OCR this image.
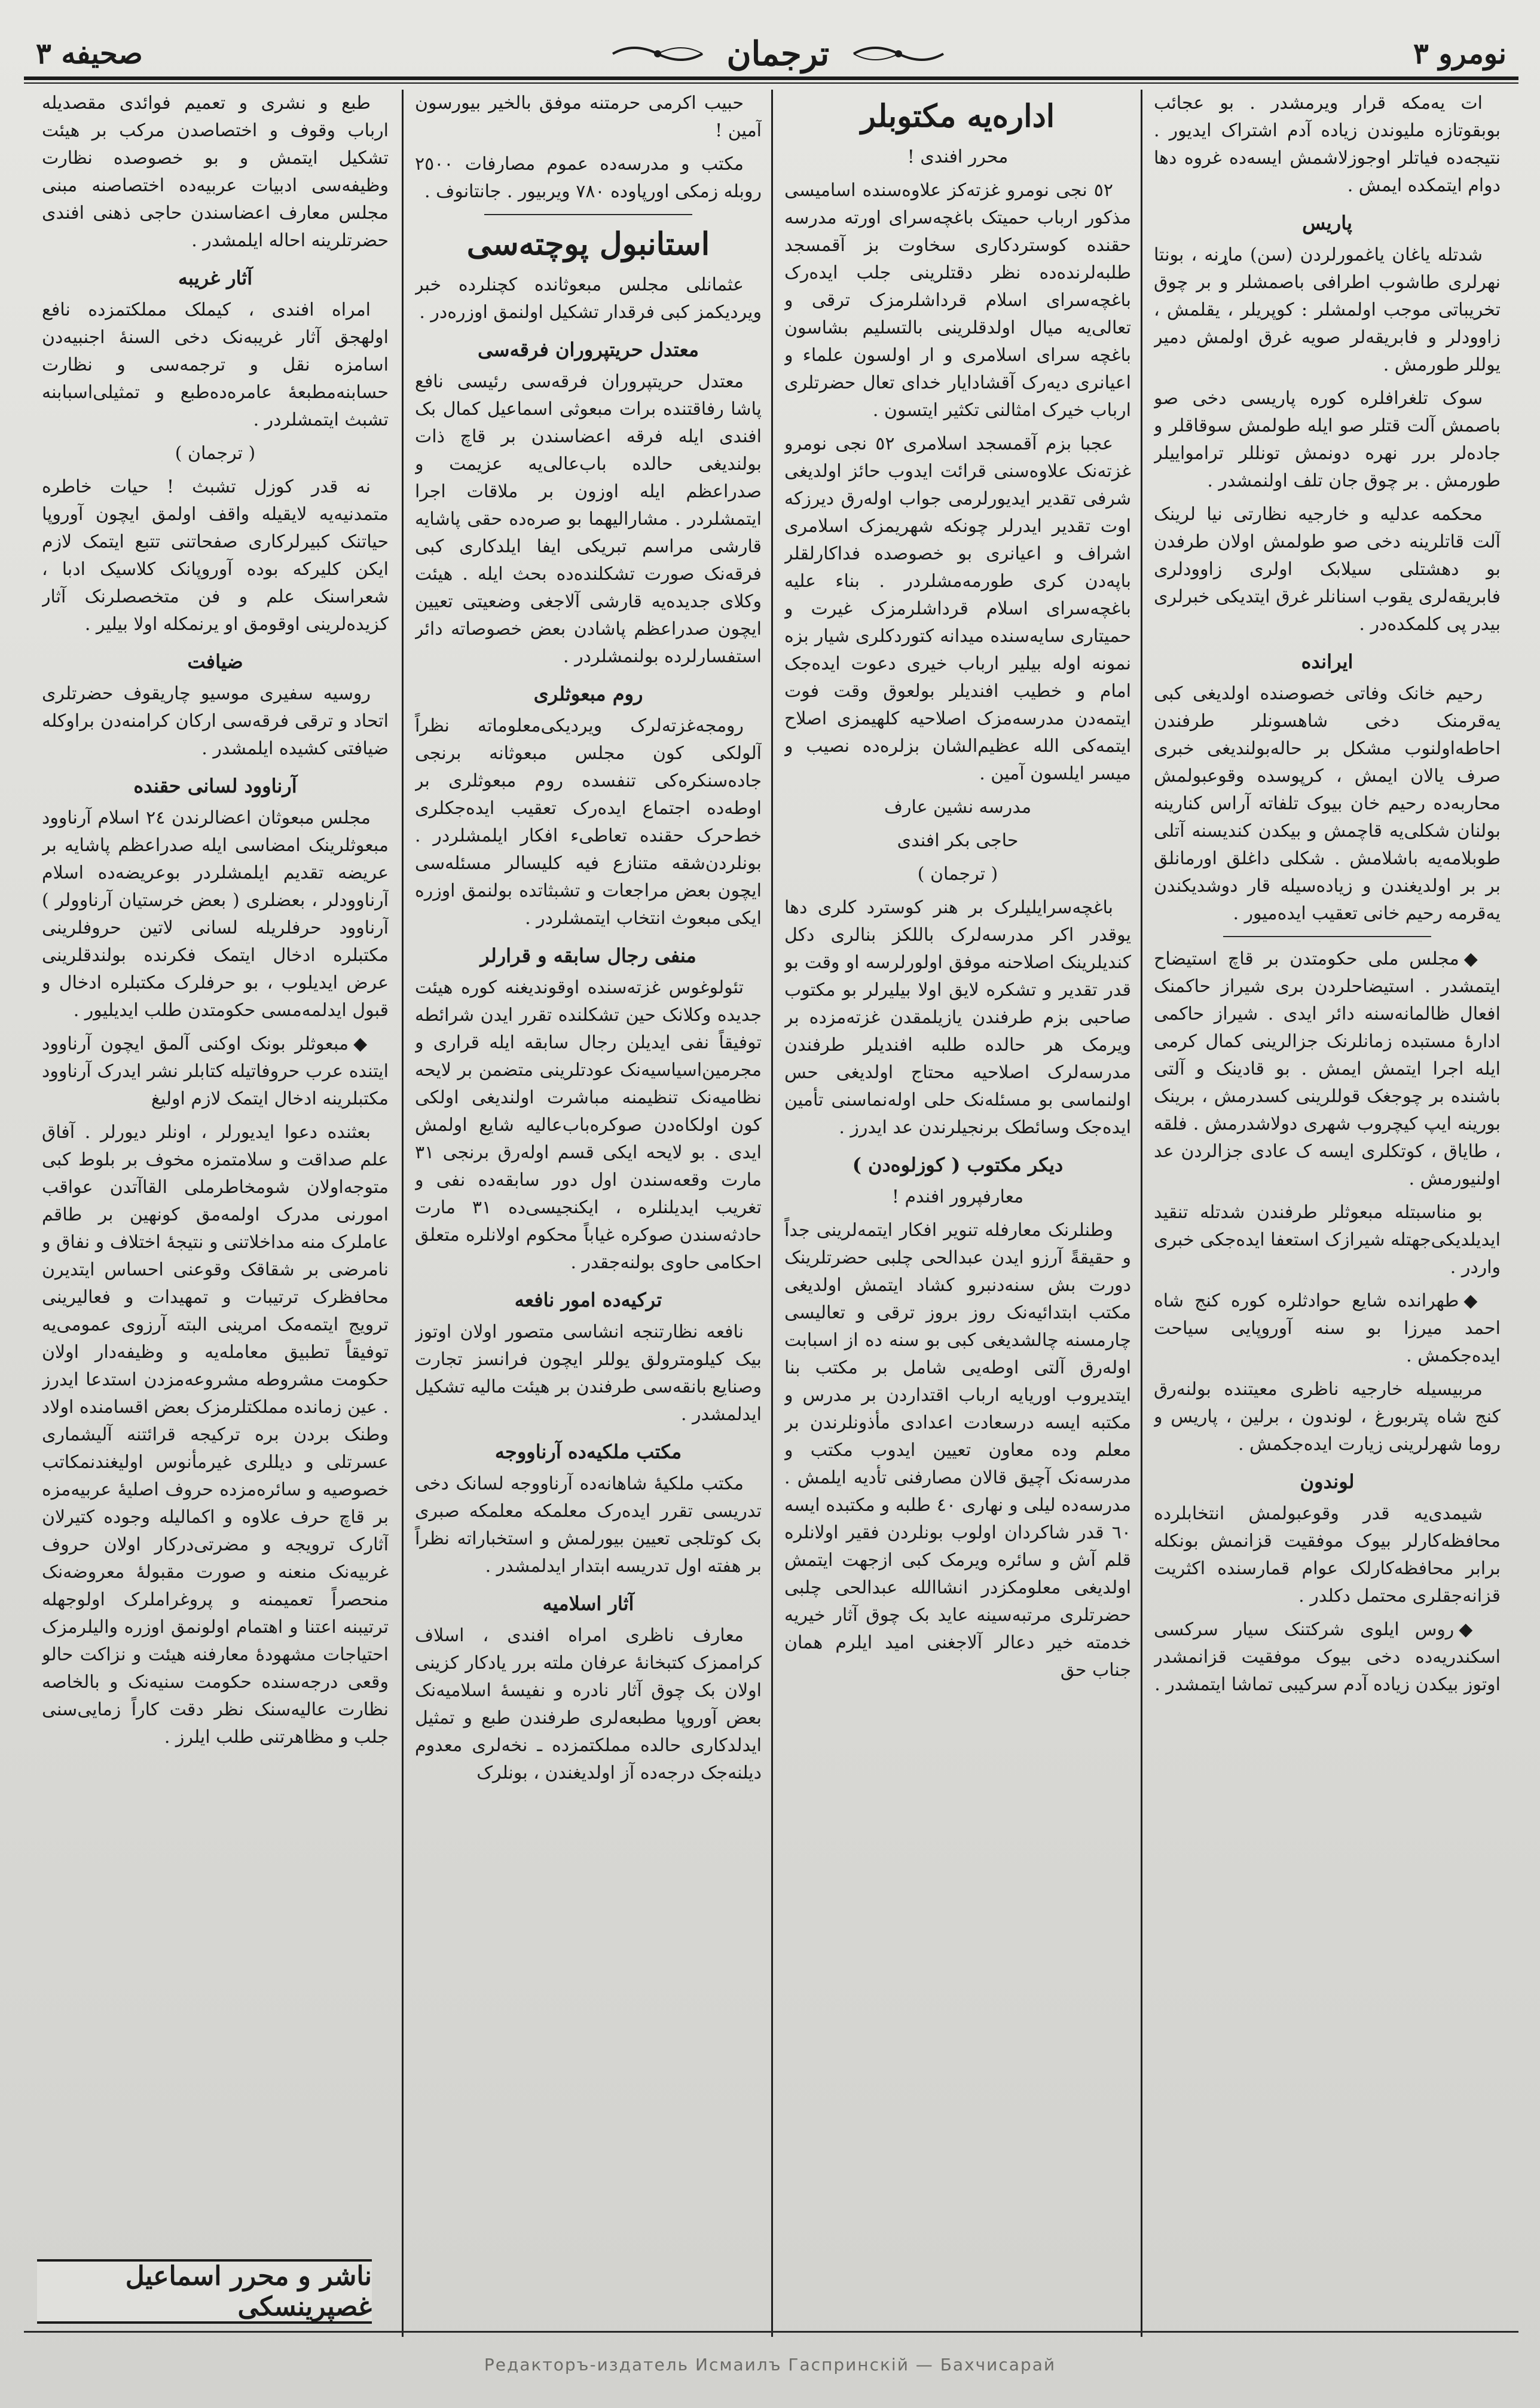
نومرو ٣
ترجمان
صحیفه ٣

ات یه‌مکه قرار ویرمشدر . بو عجائب بوبقوتازه ملیوندن زیاده آدم اشتراک ایدیور . نتیجه‌ده فیاتلر اوجوزلاشمش ایسه‌ده غروه دها دوام ایتمکده ایمش .

پاریس

شدتله یاغان یاغمورلردن (سن) ماړنه ، بونتا نهرلری طاشوب اطرافی باصمشلر و بر چوق تخریباتی موجب اولمشلر : کوپریلر ، یقلمش ، زاوودلر و فابریقه‌لر صویه غرق اولمش دمیر یوللر طورمش .

سوک تلغرافلره کوره پاریسی دخی صو باصمش آلت قتلر صو ایله طولمش سوقاقلر و جاده‌لر برر نهره دونمش تونللر ترامواییلر طورمش . بر چوق جان تلف اولنمشدر .

محکمه عدلیه و خارجیه نظارتی نیا لرینک آلت قاتلرینه دخی صو طولمش اولان طرفدن بو دهشتلی سیلابک اولری زاوودلری فابریقه‌لری یقوب اسنانلر غرق ایتدیکی خبرلری بیدر پی کلمکده‌در .

ایرانده

رحیم خانک وفاتی خصوصنده اولدیغی کبی یه‌قرمنک دخی شاهسونلر طرفندن احاطه‌اولنوب مشکل بر حاله‌بولندیغی خبری صرف یالان ایمش ، کرپوسده وقوعبولمش محاربه‌ده رحیم خان بیوک تلفاته آراس کنارینه بولنان شکلی‌یه قاچمش و بیکدن کندیسنه آتلی طوبلامه‌یه باشلامش . شکلی داغلق اورمانلق بر بر اولدیغندن و زیاده‌سیله قار دوشدیکندن یه‌قرمه رحیم خانی تعقیب ایده‌میور .

◆مجلس ملی حکومتدن بر قاچ استیضاح ایتمشدر . استیضاحلردن بری شیراز حاکمنک افعال ظالمانه‌سنه دائر ایدی . شیراز حاکمی ادارهٔ مستبده زمانلرنک جزالرینی کمال کرمی ایله اجرا ایتمش ایمش . بو قادینک و آلتی باشنده بر چوجغک قوللرینی کسدرمش ، برینک بورینه ایپ کیچروب شهری دولاشدرمش . فلقه ، طایاق ، کوتکلری ایسه ک عادی جزالردن عد اولنیورمش .

بو مناسبتله مبعوثلر طرفندن شدتله تنقید ایدیلدیکی‌جهتله شیرازک استعفا ایده‌جکی خبری واردر .

◆طهرانده شایع حوادثلره کوره کنج شاه احمد میرزا بو سنه آوروپایی سیاحت ایده‌جکمش .

مربیسیله خارجیه ناظری معیتنده بولنه‌رق کنج شاه پتربورغ ، لوندون ، برلین ، پاریس و روما شهرلرینی زیارت ایده‌جکمش .

لوندون

شیمدی‌یه قدر وقوعبولمش انتخابلرده محافظه‌کارلر بیوک موفقیت قزانمش بونکله برابر محافظه‌کارلک عوام قمارسنده اکثریت قزانه‌جقلری محتمل دکلدر .

◆روس ایلوی شرکتنک سیار سرکسی اسکندریه‌ده دخی بیوک موفقیت قزانمشدر اوتوز بیکدن زیاده آدم سرکیبی تماشا ایتمشدر .

اداره‌یه مکتوبلر
محرر افندی !

٥٢ نجی نومرو غزته‌کز علاوه‌سنده اسامیسی مذکور ارباب حمیتک باغچه‌سرای اورته مدرسه حقنده کوستردکاری سخاوت بز آقمسجد طلبه‌لرنده‌ده نظر دقتلرینی جلب ایده‌رک باغچه‌سرای اسلام قرداشلرمزک ترقی و تعالی‌یه میال اولدقلرینی بالتسلیم بشاسون باغچه سرای اسلامری و ار اولسون علماء و اعیانری دیه‌رک آقشادایار خدای تعال حضرتلری ارباب خیرک امثالنی تکثیر ایتسون .

عجبا بزم آقمسجد اسلامری ٥٢ نجی نومرو غزته‌نک علاوه‌سنی قرائت ایدوب حائز اولدیغی شرفی تقدیر ایدیورلرمی جواب اوله‌رق دیرزکه اوت تقدیر ایدرلر چونکه شهریمزک اسلامری اشراف و اعیانری بو خصوصده فداکارلقلر باپه‌دن کری طورمه‌مشلردر . بناء علیه باغچه‌سرای اسلام قرداشلرمزک غیرت و حمیتاری سایه‌سنده میدانه کتوردکلری شیار بزه نمونه اوله بیلیر ارباب خیری دعوت ایده‌جک امام و خطیب افندیلر بولعوق وقت فوت ایتمه‌دن مدرسه‌مزک اصلاحیه کلهیمزی اصلاح ایتمه‌کی الله عظیم‌الشان بزلره‌ده نصیب و میسر ایلسون آمین .

مدرسه نشین عارف
حاجی بکر افندی
( ترجمان )

باغچه‌سرایلیلرک بر هنر کوسترد کلری دها یوقدر اکر مدرسه‌لرک باللکز بنالری دکل کندیلرینک اصلاحنه موفق اولورلرسه او وقت بو قدر تقدیر و تشکره لایق اولا بیلیرلر بو مکتوب صاحبی بزم طرفندن یازیلمقدن غزته‌مزده بر ویرمک هر حالده طلبه افندیلر طرفندن مدرسه‌لرک اصلاحیه محتاج اولدیغی حس اولنماسی بو مسئله‌نک حلی اوله‌نماسنی تأمین ایده‌جک وسائطک برنجیلرندن عد ایدرز .

دیکر مکتوب ( کوزلوه‌دن )
معارفپرور افندم !

وطنلرنک معارفله تنویر افکار ایتمه‌لرینی جداً و حقیقةً آرزو ایدن عبدالحی چلبی حضرتلرینک دورت بش سنه‌دنبرو کشاد ایتمش اولدیغی مکتب ابتدائیه‌نک روز بروز ترقی و تعالیسی چارمسنه چالشدیغی کبی بو سنه ده از اسبابت اوله‌رق آلتی اوطه‌یی شامل بر مکتب بنا ایتدیروب اوریایه ارباب اقتداردن بر مدرس و مکتبه ایسه درسعادت اعدادی مأذونلرندن بر معلم وده معاون تعیین ایدوب مکتب و مدرسه‌نک آچیق قالان مصارفنی تأدیه ایلمش . مدرسه‌ده لیلی و نهاری ٤٠ طلبه و مکتبده ایسه ٦٠ قدر شاکردان اولوب بونلردن فقیر اولانلره قلم آش و سائره ویرمک کبی ازجهت ایتمش اولدیغی معلومکزدر انشاالله عبدالحی چلبی حضرتلری مرتبه‌سینه عاید بک چوق آثار خیریه خدمته خیر دعالر آلاجغنی امید ایلرم همان جناب حق

حبیب اکرمی حرمتنه موفق بالخیر بیورسون آمین !

مکتب و مدرسه‌ده عموم مصارفات ٢٥٠٠ روبله زمکی اورپاوده ٧٨٠ ویربیور . جانتانوف .

استانبول پوچته‌سی

عثمانلی مجلس مبعوثانده کچنلرده خبر ویردیکمز کبی فرقدار تشکیل اولنمق اوزره‌در .

معتدل حریتپروران فرقه‌سی

معتدل حریتپروران فرقه‌سی رئیسی نافع پاشا رفاقتنده برات مبعوثی اسماعیل کمال بک افندی ایله فرقه اعضاسندن بر قاچ ذات بولندیغی حالده باب‌عالی‌یه عزیمت و صدراعظم ایله اوزون بر ملاقات اجرا ایتمشلردر . مشارالیهما بو صره‌ده حقی پاشایه قارشی مراسم تبریکی ایفا ایلدکاری کبی فرقه‌نک صورت تشکلنده‌ده بحث ایله . هیئت وکلای جدیده‌یه قارشی آلاجغی وضعیتی تعیین ایچون صدراعظم پاشادن بعض خصوصاته دائر استفسارلرده بولنمشلردر .

روم مبعوثلری

رومجه‌غزته‌لرک ویردیکی‌معلوماته نظراً آلولکی کون مجلس مبعوثانه برنجی جاده‌سنکره‌کی تنفسده روم مبعوثلری بر اوطه‌ده اجتماع ایده‌رک تعقیب ایده‌جکلری خط‌حرک حقنده تعاطیء افکار ایلمشلردر . بونلردن‌شقه متنازع فیه کلیسالر مسئله‌سی ایچون بعض مراجعات و تشبثاتده بولنمق اوزره ایکی مبعوث انتخاب ایتمشلردر .

منفی رجال سابقه و قرارلر

تئولوغوس غزته‌سنده اوقوندیغنه کوره هیئت جدیده وکلانک حین تشکلنده تقرر ایدن شرائطه توفیقاً نفی ایدیلن رجال سابقه ایله قراری و مجرمین‌اسیاسیه‌نک عودتلرینی متضمن بر لایحه نظامیه‌نک تنظیمنه مباشرت اولندیغی اولکی کون اولکاه‌دن صوکره‌باب‌عالیه شایع اولمش ایدی . بو لایحه ایکی قسم اوله‌رق برنجی ٣١ مارت وقعه‌سندن اول دور سابقه‌ده نفی و تغریب ایدیلنلره ، ایکنجیسی‌ده ٣١ مارت حادثه‌سندن صوکره غیاباً محکوم اولانلره متعلق احکامی حاوی بولنه‌جقدر .

ترکیه‌ده امور نافعه

نافعه نظارتنجه انشاسی متصور اولان اوتوز بیک کیلومترولق یوللر ایچون فرانسز تجارت وصنایع بانقه‌سی طرفندن بر هیئت مالیه تشکیل ایدلمشدر .

مکتب ملکیه‌ده آرناووجه

مکتب ملکیهٔ شاهانه‌ده آرناووجه لسانک دخی تدریسی تقرر ایده‌رک معلمکه معلمکه صبری بک کوتلجی تعیین بیورلمش و استخباراته نظراً بر هفته اول تدریسه ابتدار ایدلمشدر .

آثار اسلامیه

معارف ناظری امراه افندی ، اسلاف کراممزک کتبخانهٔ عرفان ملته برر یادکار کزینی اولان بک چوق آثار نادره و نفیسهٔ اسلامیه‌نک بعض آوروپا مطبعه‌لری طرفندن طبع و تمثیل ایدلدکاری حالده مملکتمزده ـ نخه‌لری معدوم دیلنه‌جک درجه‌ده آز اولدیغندن ، بونلرک

طبع و نشری و تعمیم فوائدی مقصدیله ارباب وقوف و اختصاصدن مرکب بر هیئت تشکیل ایتمش و بو خصوصده نظارت وظیفه‌سی ادبیات عربیه‌ده اختصاصنه مبنی مجلس معارف اعضاسندن حاجی ذهنی افندی حضرتلرینه احاله ایلمشدر .

آثار غریبه

امراه افندی ، کیملک مملکتمزده نافع اولهجق آثار غریبه‌نک دخی السنهٔ اجنبیه‌دن اسامزه نقل و ترجمه‌سی و نظارت حسابنه‌مطبعهٔ عامره‌ده‌طبع و تمثیلی‌اسبابنه تشبث ایتمشلردر .

( ترجمان )

نه قدر کوزل تشبث ! حیات خاطره متمدنیه‌یه لایقیله واقف اولمق ایچون آوروپا حیاتنک کبیرلرکاری صفحاتنی تتبع ایتمک لازم ایکن کلیرکه بوده آوروپانک کلاسیک ادبا ، شعراسنک علم و فن متخصصلرنک آثار کزیده‌لرینی اوقومق او یرنمکله اولا بیلیر .

ضیافت

روسیه سفیری موسیو چاریقوف حضرتلری اتحاد و ترقی فرقه‌سی ارکان کرامنه‌دن براوکله ضیافتی کشیده ایلمشدر .

آرناوود لسانی حقنده

مجلس مبعوثان اعضالرندن ٢٤ اسلام آرناوود مبعوثلرینک امضاسی ایله صدراعظم پاشایه بر عریضه تقدیم ایلمشلردر بوعریضه‌ده اسلام آرناوودلر ، بعضلری ( بعض خرستیان آرناوولر ) آرناوود حرفلریله لسانی لاتین حروفلرینی مکتبلره ادخال ایتمک فکرنده بولندقلرینی عرض ایدیلوب ، بو حرفلرک مکتبلره ادخال و قبول ایدلمه‌مسی حکومتدن طلب ایدیلیور .

◆مبعوثلر بونک اوکنی آلمق ایچون آرناوود ایتنده عرب حروفاتیله کتابلر نشر ایدرک آرناوود مکتبلرینه ادخال ایتمک لازم اولیغ

بعثنده دعوا ایدیورلر ، اونلر دیورلر . آفاق علم صداقت و سلامتمزه مخوف بر بلوط کبی متوجه‌اولان شومخاطرملی القاآتدن عواقب امورنی مدرک اولمه‌مق کونهین بر طاقم عاملرک منه مداخلاتنی و نتیجهٔ اختلاف و نفاق و نامرضی بر شقاقک وقوعنی احساس ایتدیرن محافظرک ترتیبات و تمهیدات و فعالیرینی ترویج ایتمه‌مک امرینی البته آرزوی عمومی‌یه توفیقاً تطبیق معامله‌یه و وظیفه‌دار اولان حکومت مشروطه مشروعه‌مزدن استدعا ایدرز . عین زمانده مملکتلرمزک بعض اقسامنده اولاد وطنک بردن بره ترکیجه قرائتنه آلیشماری عسرتلی و دیللری غیرمأنوس اولیغندنمکاتب خصوصیه و سائره‌مزده حروف اصلیهٔ عربیه‌مزه بر قاچ حرف علاوه و اکمالیله وجوده کتیرلان آثارک ترویجه و مضرتی‌درکار اولان حروف غربیه‌نک منعنه و صورت مقبولهٔ معروضه‌نک منحصراً تعمیمنه و پروغراملرک اولوجهله ترتیبنه اعتنا و اهتمام اولونمق اوزره والیلرمزک احتیاجات مشهودهٔ معارفنه هیئت و نزاکت حالو وقعی درجه‌سنده حکومت سنیه‌نک و بالخاصه نظارت عالیه‌سنک نظر دقت کاراً زمایی‌سنی جلب و مظاهر‌تنی طلب ایلرز .

ناشر و محرر اسماعیل غصپرینسکی
Редакторъ-издатель Исмаилъ Гаспринскій — Бахчисарай
